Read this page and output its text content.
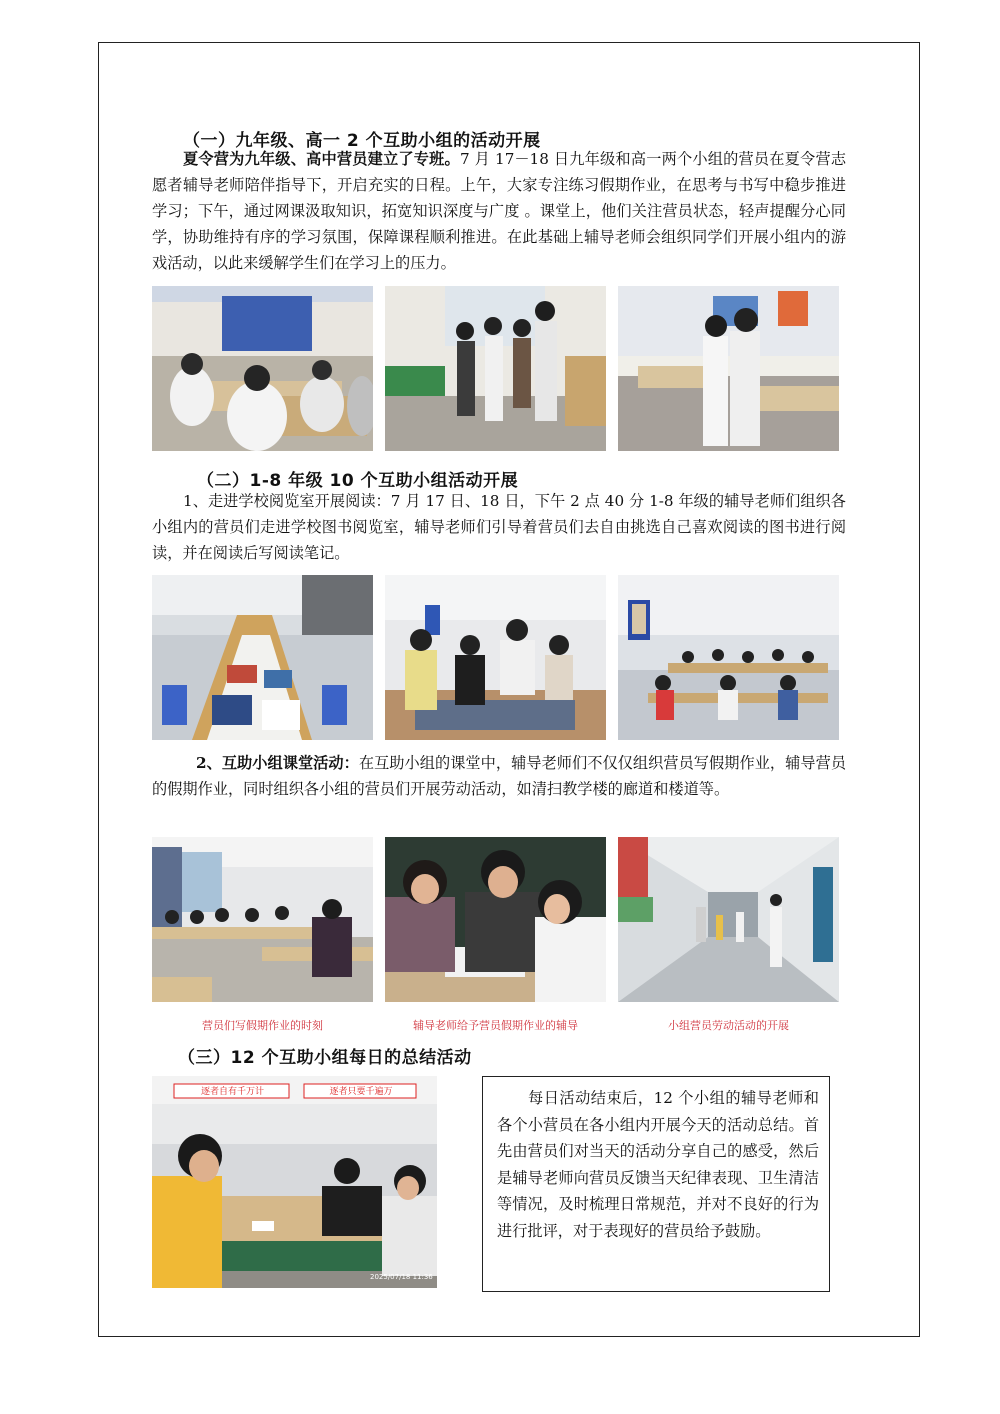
（一）九年级、高一 2 个互助小组的活动开展
夏令营为九年级、高中营员建立了专班。7 月 17－18 日九年级和高一两个小组的营员在夏令营志愿者辅导老师陪伴指导下，开启充实的日程。上午，大家专注练习假期作业，在思考与书写中稳步推进学习；下午，通过网课汲取知识，拓宽知识深度与广度 。课堂上，他们关注营员状态，轻声提醒分心同学，协助维持有序的学习氛围，保障课程顺利推进。在此基础上辅导老师会组织同学们开展小组内的游戏活动，以此来缓解学生们在学习上的压力。
（二）1-8 年级 10 个互助小组活动开展
1、走进学校阅览室开展阅读：7 月 17 日、18 日，下午 2 点 40 分 1-8 年级的辅导老师们组织各小组内的营员们走进学校图书阅览室，辅导老师们引导着营员们去自由挑选自己喜欢阅读的图书进行阅读，并在阅读后写阅读笔记。
2、互助小组课堂活动：在互助小组的课堂中，辅导老师们不仅仅组织营员写假期作业，辅导营员的假期作业，同时组织各小组的营员们开展劳动活动，如清扫教学楼的廊道和楼道等。
营员们写假期作业的时刻	辅导老师给予营员假期作业的辅导	小组营员劳动活动的开展
（三）12 个互助小组每日的总结活动
逐者自有千万计	逐者只要千遍万
2025/07/18 11:36
每日活动结束后，12 个小组的辅导老师和各个小营员在各小组内开展今天的活动总结。首先由营员们对当天的活动分享自己的感受，然后是辅导老师向营员反馈当天纪律表现、卫生清洁等情况，及时梳理日常规范，并对不良好的行为进行批评，对于表现好的营员给予鼓励。
